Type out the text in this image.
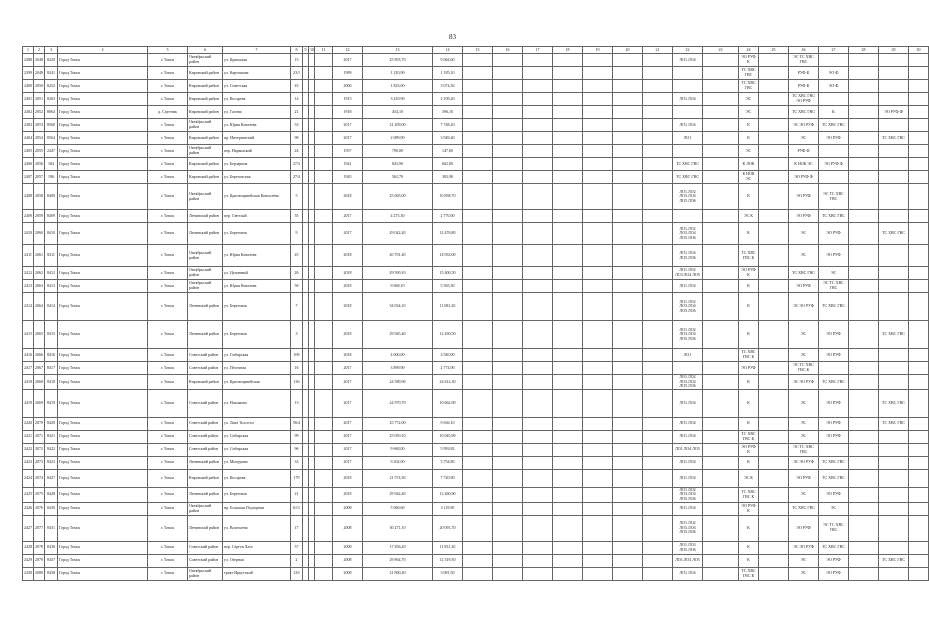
83
1	2	3	4	5	6	7	8	9	10	11	12	13	14	15	16	17	18	19	20	21	22	23	24	25	26	27	28	29	30
2388	2048	8220	Город Томск	г. Томск	Октябрьский район	ул. Крымская	15				2017	25 853,70	9 064,60								ЛО1.ЛО4		ЭО РУФ К		ЭС ТС ХВС ГВС				
2399	2049	8241	Город Томск	г. Томск	Кировский район	ул. Карташова	23/1				1999	1 210,90	1 185,10										ТС ХВС ГВС		РУФ К	ЭО Ф			
2400	2050	8252	Город Томск	г. Томск	Кировский район	ул. Советская	43				2006	1 823,00	3 074,30										ТС ХВС ГВС		РУФ К	ЭО Ф			
2401	2051	8263	Город Томск	г. Томск	Кировский район	ул. Косарева	14				1915	3 410,90	2 109,20								ЛО1.ЛО4		ЭС		ТС ХВС ГВС ЭО РУФ				
2402	2052	8064	Город Томск	д. Спутник	Кировский район	ул. Гагина	21				1918	454,10	396,10										ЭС		ТС ХВС ГВС	К		ЭО РУФ Ф	
2403	2053	8560	Город Томск	г. Томск	Октябрьский район	ул. Юрия Ковалева	53				2017	21 209,00	7 748,20								ЛО1.ЛО4		К		ЭС ЭО РУФ	ТС ХВС ГВС			
2404	2054	8564	Город Томск	г. Томск	Кировский район	пр. Интернатский	98				2017	2 089,90	3 949,40								ЛО1		К		ЭС	ЭО РУФ		ТС ХВС ГВС	
2405	2055	2447	Город Томск	г. Томск	Октябрьский район	пер. Нарымский	24				1957	790,00	147,00										ЭС		РУФ Ф				
2406	2056	184	Город Томск	г. Томск	Кировский район	ул. Берзарина	27/3				1941	843,90	662,80								ТС ХВС ГВС		К ЛОК		К НОК ЭС	ЭО РУФ Ф			
2407	2057	186	Город Томск	г. Томск	Кировский район	ул. Березовская	27/4				1945	562,70	392,90								ТС ХВС ГВС		К НОК ЭС		ЭО РУФ Ф				
2408	2058	8400	Город Томск	г. Томск	Октябрьский район	ул. Красноармейская Коноплёва	5				2018	25 065,00	10 838,70								ЛО1.ЛО2 ЛО3.ЛО4 ЛО5.ЛО6		К		ЭО РУФ	ЭС ТС ХВС ГВС			
2409	2059	8409	Город Томск	г. Томск	Ленинский район	пер. Светлый	55				2017	4 275,30	2 770,00										ЭС К		ЭО РУФ	ТС ХВС ГВС			
2410	2060	8410	Город Томск	г. Томск	Ленинский район	ул. Береговая	9				2017	29 042,40	12 476,80								ЛО1.ЛО2 ЛО3.ЛО4 ЛО5.ЛО6		К		ЭС	ЭО РУФ		ТС ХВС ГВС	
2411	2061	8411	Город Томск	г. Томск	Октябрьский район	ул. Юрия Ковалева	45				2018	20 701,40	14 933,00								ЛО1.ЛО4 ЛО5.ЛО6		ТС ХВС ГВС К		ЭС	ЭО РУФ			
2412	2062	8412	Город Томск	г. Томск	Октябрьский район	ул. Целинный	26				2018	29 590,10	15 400,50								ЛО1.ЛО2 ЛО3.ЛО4 ЛО5		ЭО РУФ К		ТС ХВС ГВС	ЭС			
2413	2063	8413	Город Томск	г. Томск	Октябрьский район	ул. Юрия Ковалева	58				2018	9 668,10	5 565,30								ЛО1.ЛО4		К		ЭО РУФ	ЭС ТС ХВС ГВС			
2414	2064	8414	Город Томск	г. Томск	Ленинский район	ул. Береговая	7				2018	34 034,10	11 081,20								ЛО1.ЛО2 ЛО3.ЛО4 ЛО5.ЛО6		К		ЭС ЭО РУФ	ТС ХВС ГВС			
2415	2065	8415	Город Томск	г. Томск	Ленинский район	ул. Береговая	3				2018	29 945,40	12 450,50								ЛО1.ЛО2 ЛО3.ЛО4 ЛО5.ЛО6		К		ЭС	ЭО РУФ		ТС ХВС ГВС	
2416	2066	8416	Город Томск	г. Томск	Советский район	ул. Сибирская	109				2018	4 600,00	2 940,00								ЛО1		ТС ХВС ГВС К		ЭС	ЭО РУФ			
2417	2067	8417	Город Томск	г. Томск	Советский район	ул. Песочная	16				2017	3 899,90	2 774,90										ЭО РУФ		ЭС ТС ХВС ГВС К				
2418	2068	8418	Город Томск	г. Томск	Кировский район	ул. Красноармейская	126				2017	24 589,90	24 612,30								ЛО1.ЛО2 ЛО3.ЛО4 ЛО5.ЛО6		К		ЭС ЭО РУФ	ТС ХВС ГВС			
2419	2069	8419	Город Томск	г. Томск	Советский район	ул. Нахимова	13				2017	24 970,70	10 662,90								ЛО1.ЛО4		К		ЭС	ЭО РУФ		ТС ХВС ГВС	
2420	2070	8420	Город Томск	г. Томск	Советский район	ул. Льва Толстого	56/4				2017	25 772,00	9 636,10								ЛО1.ЛО4		К		ЭС	ЭО РУФ		ТС ХВС ГВС	
2421	2071	8421	Город Томск	г. Томск	Советский район	ул. Сибирская	99				2017	25 050,10	10 045,90								ЛО1.ЛО4		ТС ХВС ГВС К		ЭС	ЭО РУФ			
2422	2072	8422	Город Томск	г. Томск	Советский район	ул. Сибирская	96				2017	9 668,00	5 993,82								ЛО1.ЛО4 ЛО5		ЭО РУФ К		ЭС ТС ХВС ГВС				
2423	2073	8423	Город Томск	г. Томск	Ленинский район	ул. Мичурина	33				2017	9 202,00	5 754,80								ЛО1.ЛО4		К		ЭС ЭО РУФ	ТС ХВС ГВС			
2424	2074	8427	Город Томск	г. Томск	Кировский район	ул. Косарева	179				2018	21 574,30	7 720,90								ЛО1.ЛО4		ЭС К		ЭО РУФ	ТС ХВС ГВС			
2425	2075	8428	Город Томск	г. Томск	Ленинский район	ул. Береговая	21				2018	29 942,40	12 460,90								ЛО1.ЛО2 ЛО3.ЛО4 ЛО5.ЛО6		ТС ХВС ГВС К		ЭС	ЭО РУФ			
2426	2076	8430	Город Томск	г. Томск	Октябрьский район	пр. Большая Подгорная	61/1				2008	5 960,60	3 119,90								ЛО1.ЛО4		ЭО РУФ К		ТС ХВС ГВС	ЭС			
2427	2077	8431	Город Томск	г. Томск	Ленинский район	ул. Волочаева	17				2008	30 271,10	20 091,70								ЛО1.ЛО2 ЛО3.ЛО4 ЛО5.ЛО6		К		ЭО РУФ	ЭС ТС ХВС ГВС			
2428	2078	8436	Город Томск	г. Томск	Советский район	пер. Сергея Лазо	57				2008	17 456,20	11 831,20								ЛО1.ЛО3 ЛО5.ЛО6		К		ЭС ЭО РУФ	ТС ХВС ГВС			
2429	2079	8437	Город Томск	г. Томск	Советский район	ул. Озерная	2				2008	29 864,70	12 319,50								ЛО1.ЛО4 ЛО5		К		ЭС	ЭО РУФ		ТС ХВС ГВС	
2430	2080	8438	Город Томск	г. Томск	Октябрьский район	тракт Иркутский	216				2008	21 800,40	3 081,50								ЛО1.ЛО4		ТС ХВС ГВС К		ЭС	ЭО РУФ			
